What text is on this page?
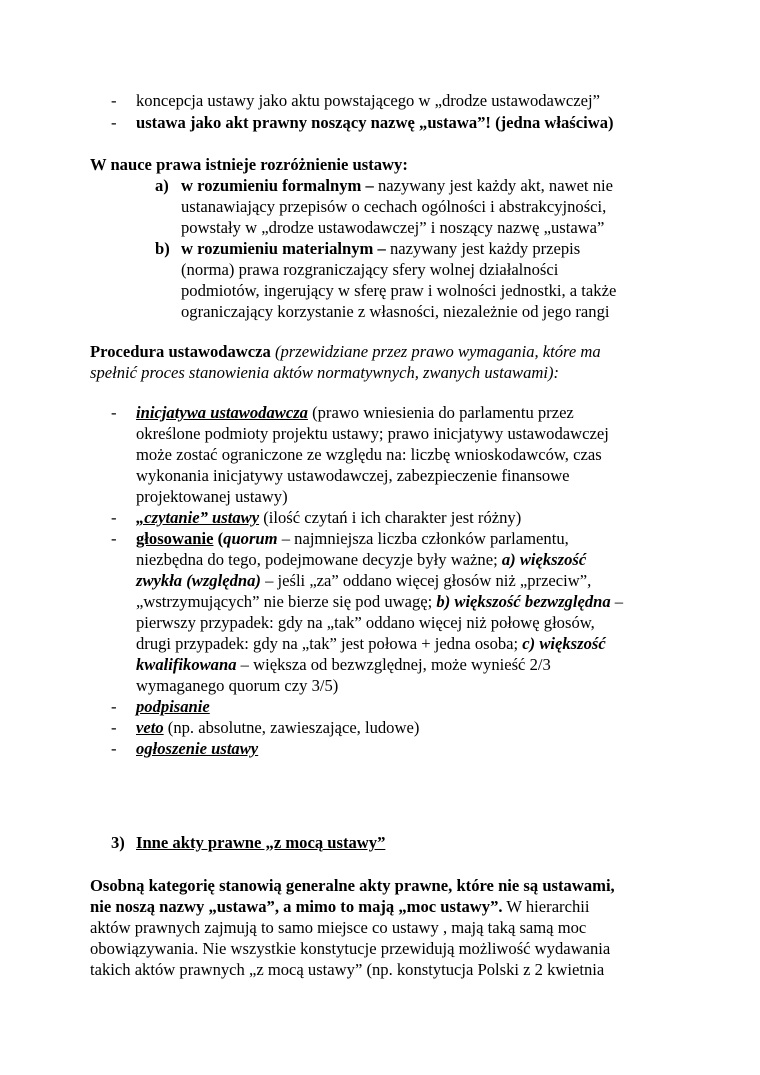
- koncepcja ustawy jako aktu powstającego w „drodze ustawodawczej”
- ustawa jako akt prawny noszący nazwę „ustawa”! (jedna właściwa)
W nauce prawa istnieje rozróżnienie ustawy:
a) w rozumieniu formalnym – nazywany jest każdy akt, nawet nie
ustanawiający przepisów o cechach ogólności i abstrakcyjności,
powstały w „drodze ustawodawczej” i noszący nazwę „ustawa”
b) w rozumieniu materialnym – nazywany jest każdy przepis
(norma) prawa rozgraniczający sfery wolnej działalności
podmiotów, ingerujący w sferę praw i wolności jednostki, a także
ograniczający korzystanie z własności, niezależnie od jego rangi
Procedura ustawodawcza (przewidziane przez prawo wymagania, które ma
spełnić proces stanowienia aktów normatywnych, zwanych ustawami):
- inicjatywa ustawodawcza (prawo wniesienia do parlamentu przez
określone podmioty projektu ustawy; prawo inicjatywy ustawodawczej
może zostać ograniczone ze względu na: liczbę wnioskodawców, czas
wykonania inicjatywy ustawodawczej, zabezpieczenie finansowe
projektowanej ustawy)
- „czytanie” ustawy (ilość czytań i ich charakter jest różny)
- głosowanie (quorum – najmniejsza liczba członków parlamentu,
niezbędna do tego, podejmowane decyzje były ważne; a) większość
zwykła (względna) – jeśli „za” oddano więcej głosów niż „przeciw”,
„wstrzymujących” nie bierze się pod uwagę; b) większość bezwzględna –
pierwszy przypadek: gdy na „tak” oddano więcej niż połowę głosów,
drugi przypadek: gdy na „tak” jest połowa + jedna osoba; c) większość
kwalifikowana – większa od bezwzględnej, może wynieść 2/3
wymaganego quorum czy 3/5)
- podpisanie
- veto (np. absolutne, zawieszające, ludowe)
- ogłoszenie ustawy
3) Inne akty prawne „z mocą ustawy”
Osobną kategorię stanowią generalne akty prawne, które nie są ustawami,
nie noszą nazwy „ustawa”, a mimo to mają „moc ustawy”. W hierarchii
aktów prawnych zajmują to samo miejsce co ustawy , mają taką samą moc
obowiązywania. Nie wszystkie konstytucje przewidują możliwość wydawania
takich aktów prawnych „z mocą ustawy” (np. konstytucja Polski z 2 kwietnia
